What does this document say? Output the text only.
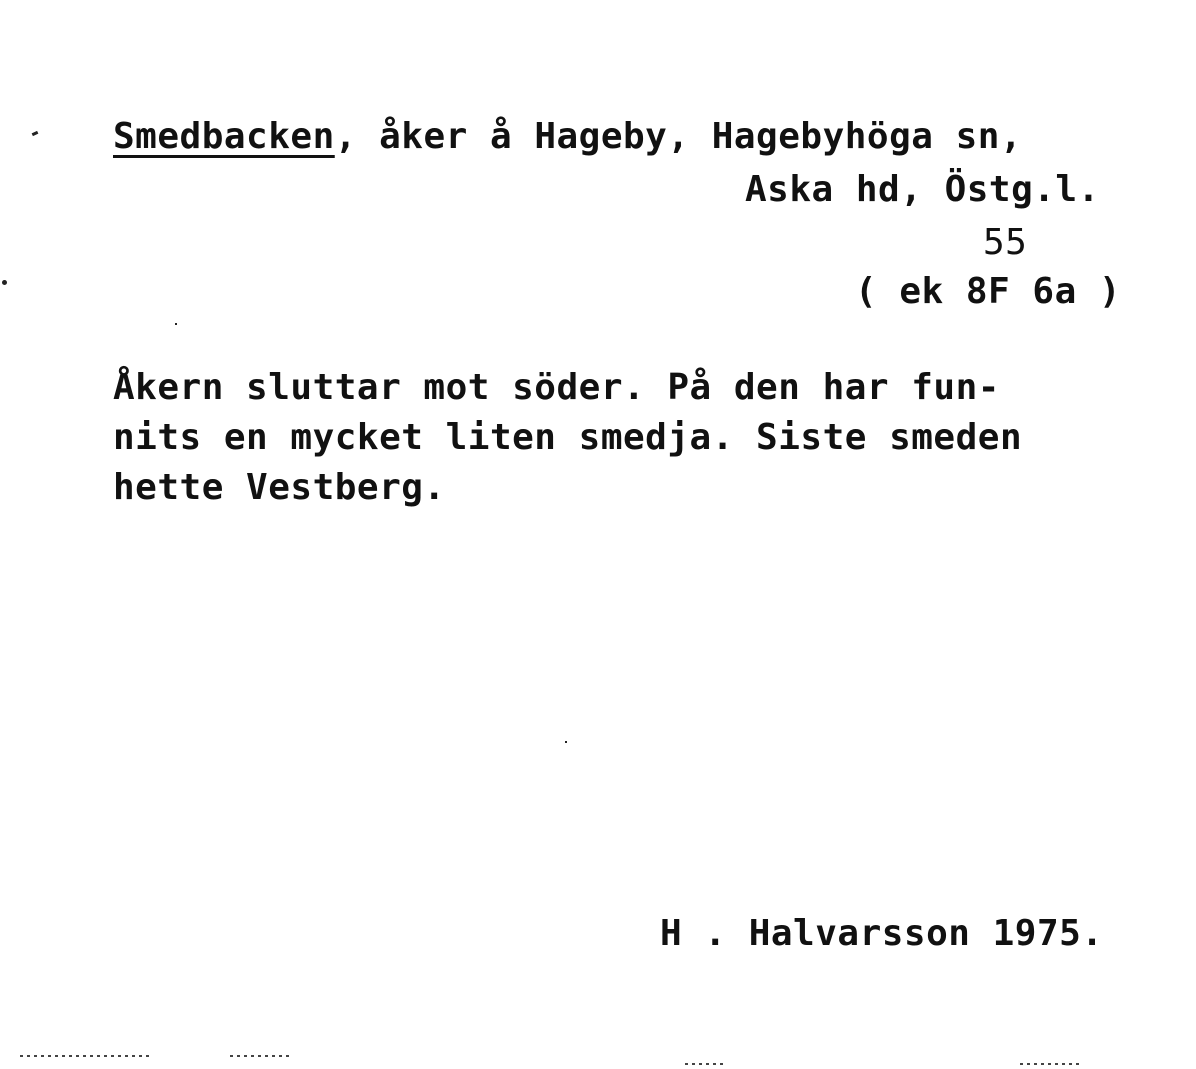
Smedbacken, åker å Hageby, Hagebyhöga sn,
Aska hd, Östg.l.
55
( ek 8F 6a )
Åkern sluttar mot söder. På den har fun-
nits en mycket liten smedja. Siste smeden
hette Vestberg.
H . Halvarsson 1975.
